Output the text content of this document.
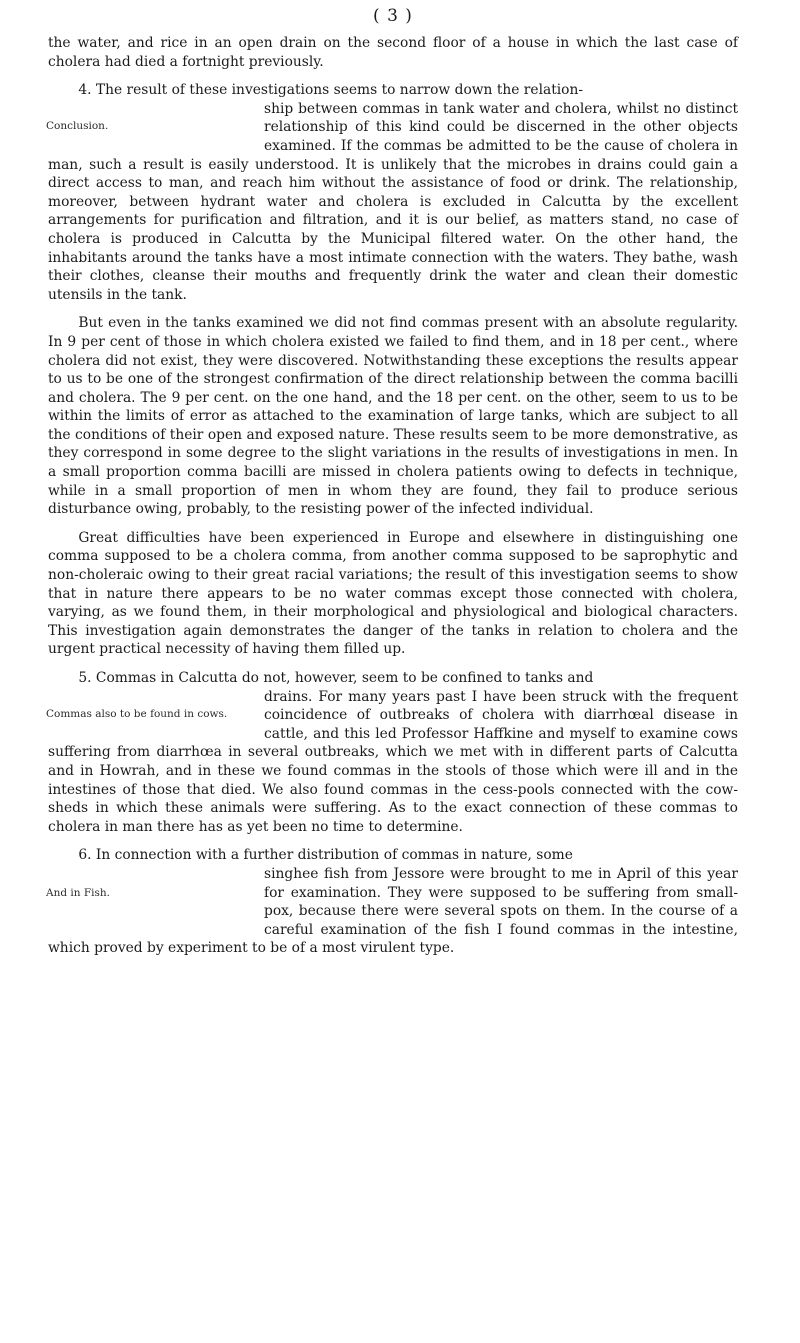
( 3 )

the water, and rice in an open drain on the second floor of a house in which the last case of cholera had died a fortnight previously.

4. The result of these investigations seems to narrow down the relation-

Conclusion.

ship between commas in tank water and cholera, whilst no distinct relationship of this kind could be discerned in the other objects examined. If the commas be admitted to be the cause of cholera in man, such a result is easily understood. It is unlikely that the microbes in drains could gain a direct access to man, and reach him without the assistance of food or drink. The relationship, moreover, between hydrant water and cholera is excluded in Calcutta by the excellent arrangements for purification and filtration, and it is our belief, as matters stand, no case of cholera is produced in Calcutta by the Municipal filtered water. On the other hand, the inhabitants around the tanks have a most intimate connection with the waters. They bathe, wash their clothes, cleanse their mouths and frequently drink the water and clean their domestic utensils in the tank.

But even in the tanks examined we did not find commas present with an absolute regularity. In 9 per cent of those in which cholera existed we failed to find them, and in 18 per cent., where cholera did not exist, they were discovered. Notwithstanding these exceptions the results appear to us to be one of the strongest confirmation of the direct relationship between the comma bacilli and cholera. The 9 per cent. on the one hand, and the 18 per cent. on the other, seem to us to be within the limits of error as attached to the examination of large tanks, which are subject to all the conditions of their open and exposed nature. These results seem to be more demonstrative, as they correspond in some degree to the slight variations in the results of investigations in men. In a small proportion comma bacilli are missed in cholera patients owing to defects in technique, while in a small proportion of men in whom they are found, they fail to produce serious disturbance owing, probably, to the resisting power of the infected individual.

Great difficulties have been experienced in Europe and elsewhere in distinguishing one comma supposed to be a cholera comma, from another comma supposed to be saprophytic and non-choleraic owing to their great racial variations; the result of this investigation seems to show that in nature there appears to be no water commas except those connected with cholera, varying, as we found them, in their morphological and physiological and biological characters. This investigation again demonstrates the danger of the tanks in relation to cholera and the urgent practical necessity of having them filled up.

5. Commas in Calcutta do not, however, seem to be confined to tanks and

Commas also to be found in cows.

drains. For many years past I have been struck with the frequent coincidence of outbreaks of cholera with diarrhœal disease in cattle, and this led Professor Haffkine and myself to examine cows suffering from diarrhœa in several outbreaks, which we met with in different parts of Calcutta and in Howrah, and in these we found commas in the stools of those which were ill and in the intestines of those that died. We also found commas in the cess-pools connected with the cow-sheds in which these animals were suffering. As to the exact connection of these commas to cholera in man there has as yet been no time to determine.

6. In connection with a further distribution of commas in nature, some

And in Fish.

singhee fish from Jessore were brought to me in April of this year for examination. They were supposed to be suffering from small-pox, because there were several spots on them. In the course of a careful examination of the fish I found commas in the intestine, which proved by experiment to be of a most virulent type.
